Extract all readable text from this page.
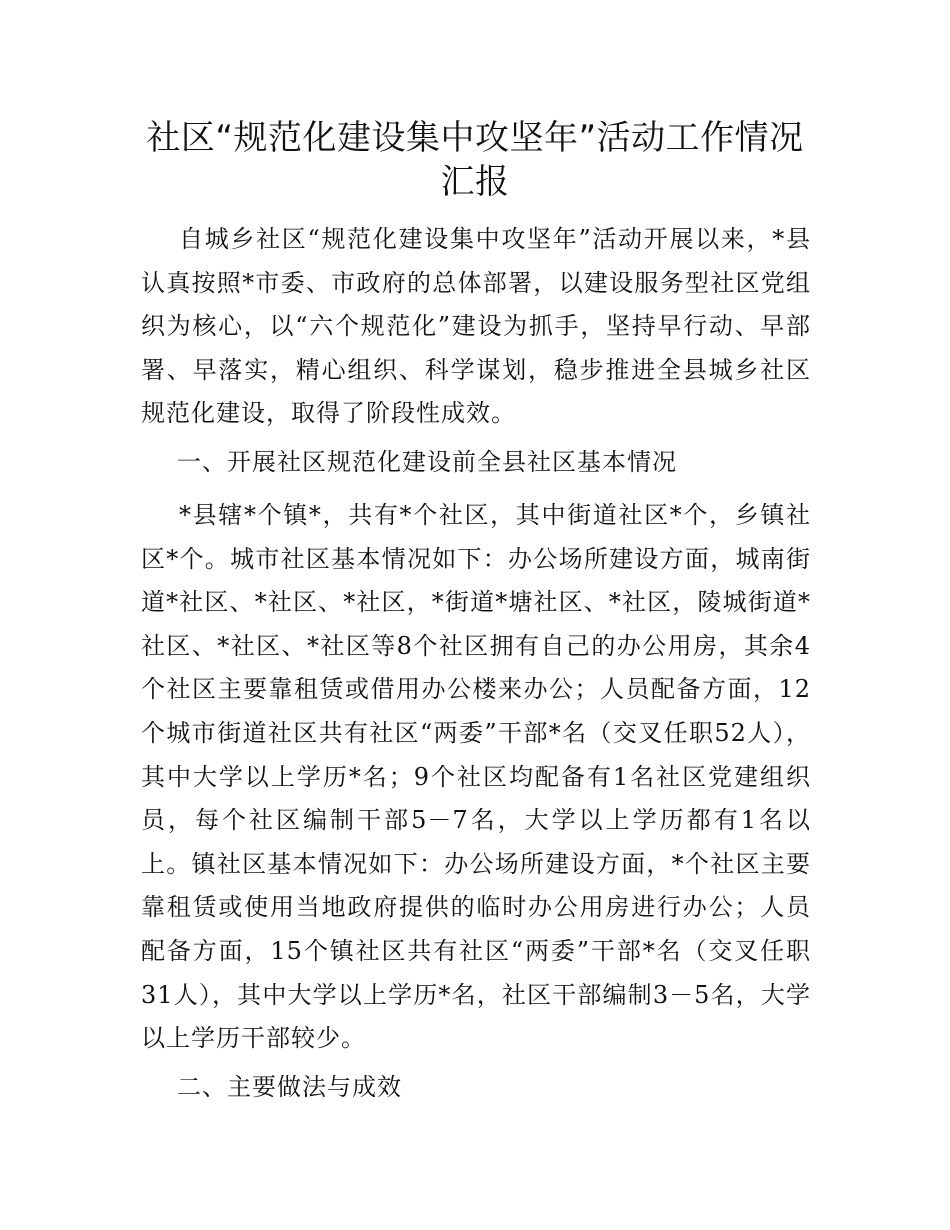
社区“规范化建设集中攻坚年”活动工作情况
汇报

自城乡社区“规范化建设集中攻坚年”活动开展以来，*县认真按照*市委、市政府的总体部署，以建设服务型社区党组织为核心，以“六个规范化”建设为抓手，坚持早行动、早部署、早落实，精心组织、科学谋划，稳步推进全县城乡社区规范化建设，取得了阶段性成效。

一、开展社区规范化建设前全县社区基本情况

*县辖*个镇*，共有*个社区，其中街道社区*个，乡镇社区*个。城市社区基本情况如下：办公场所建设方面，城南街道*社区、*社区、*社区，*街道*塘社区、*社区，陵城街道*社区、*社区、*社区等8个社区拥有自己的办公用房，其余4个社区主要靠租赁或借用办公楼来办公；人员配备方面，12个城市街道社区共有社区“两委”干部*名（交叉任职52人），其中大学以上学历*名；9个社区均配备有1名社区党建组织员，每个社区编制干部5－7名，大学以上学历都有1名以上。镇社区基本情况如下：办公场所建设方面，*个社区主要靠租赁或使用当地政府提供的临时办公用房进行办公；人员配备方面，15个镇社区共有社区“两委”干部*名（交叉任职31人），其中大学以上学历*名，社区干部编制3－5名，大学以上学历干部较少。

二、主要做法与成效
